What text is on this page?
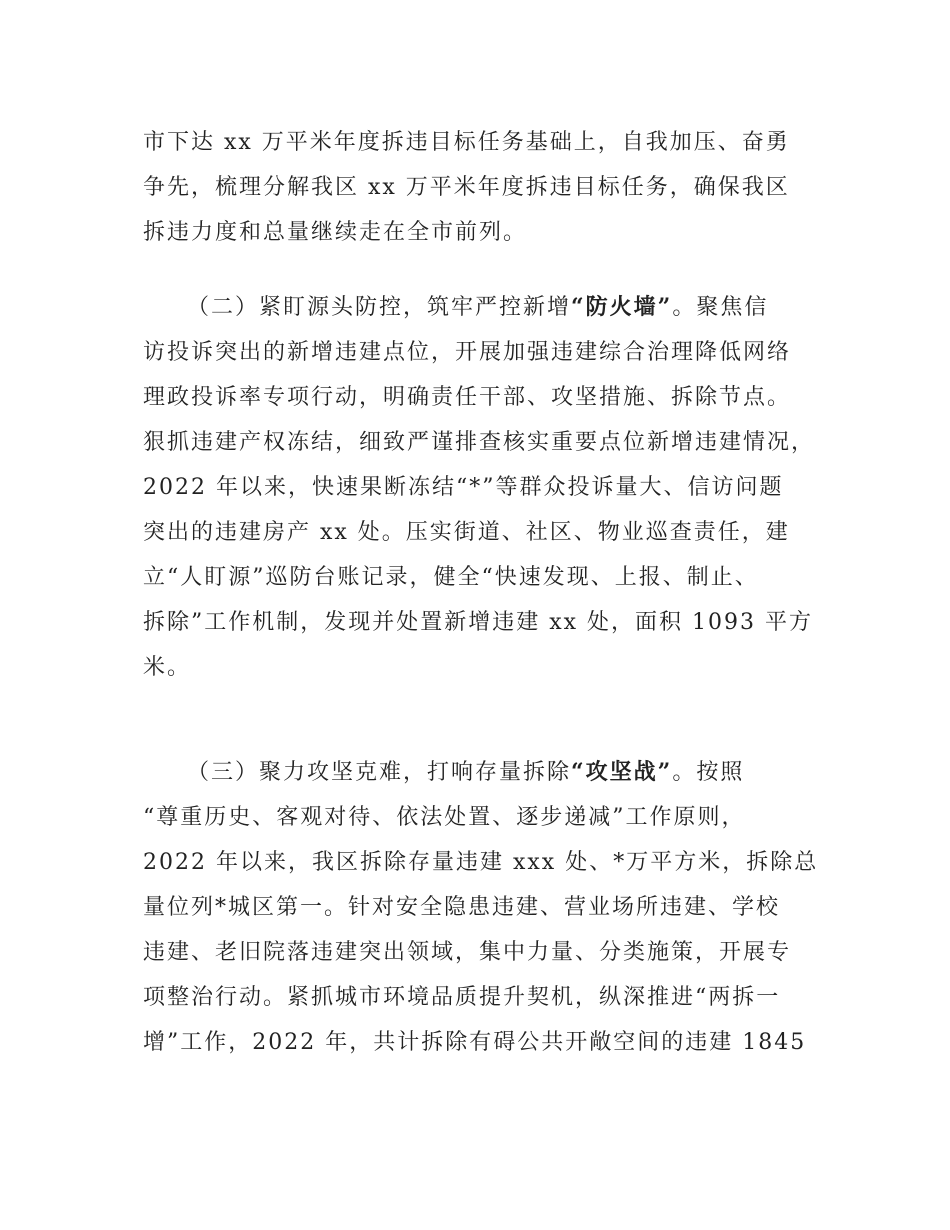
市下达 xx 万平米年度拆违目标任务基础上，自我加压、奋勇
争先，梳理分解我区 xx 万平米年度拆违目标任务，确保我区
拆违力度和总量继续走在全市前列。
（二）紧盯源头防控，筑牢严控新增“防火墙”。聚焦信
访投诉突出的新增违建点位，开展加强违建综合治理降低网络
理政投诉率专项行动，明确责任干部、攻坚措施、拆除节点。
狠抓违建产权冻结，细致严谨排查核实重要点位新增违建情况，
2022 年以来，快速果断冻结“*”等群众投诉量大、信访问题
突出的违建房产 xx 处。压实街道、社区、物业巡查责任，建
立“人盯源”巡防台账记录，健全“快速发现、上报、制止、
拆除”工作机制，发现并处置新增违建 xx 处，面积 1093 平方
米。
（三）聚力攻坚克难，打响存量拆除“攻坚战”。按照
“尊重历史、客观对待、依法处置、逐步递减”工作原则，
2022 年以来，我区拆除存量违建 xxx 处、*万平方米，拆除总
量位列*城区第一。针对安全隐患违建、营业场所违建、学校
违建、老旧院落违建突出领域，集中力量、分类施策，开展专
项整治行动。紧抓城市环境品质提升契机，纵深推进“两拆一
增”工作，2022 年，共计拆除有碍公共开敞空间的违建 1845
